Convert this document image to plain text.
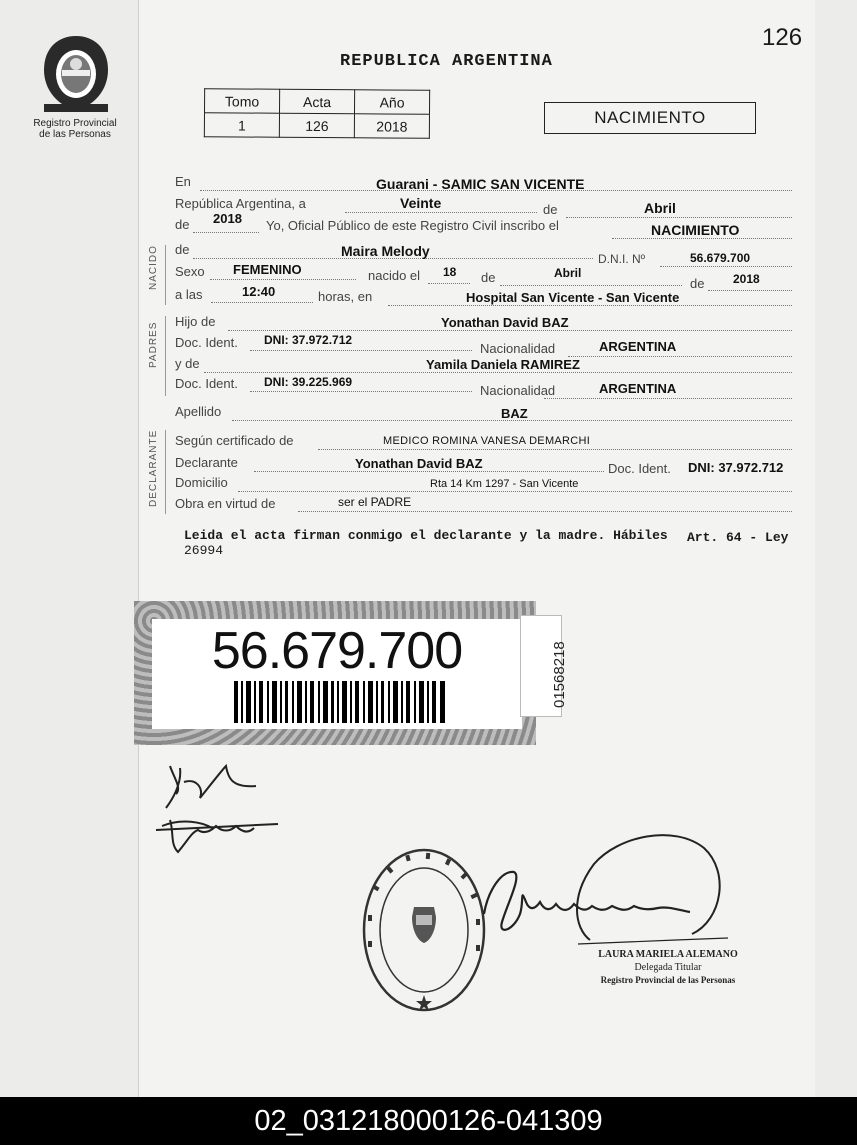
Registro Provincial
de las Personas
126
REPUBLICA ARGENTINA
Tomo	Acta	Año
1	126	2018	NACIMIENTO
En	Guarani - SAMIC SAN VICENTE
República Argentina, a	Veinte	de	Abril
de 2018 Yo, Oficial Público de este Registro Civil inscribo el	NACIMIENTO
NACIDO de	Maira Melody	D.N.I. Nº	56.679.700
Sexo FEMENINO	nacido el 18 de	Abril
de 2018
a las	12:40	horas, en	Hospital San Vicente - San Vicente
PADRES
Hijo de	Yonathan David BAZ
Doc. Ident. DNI: 37.972.712
Nacionalidad	ARGENTINA
y de	Yamila Daniela RAMIREZ
Doc. Ident. DNI: 39.225.969
Nacionalidad	ARGENTINA
Apellido	BAZ
DECLARANTE Según certificado de	MEDICO ROMINA VANESA DEMARCHI
Declarante	Yonathan David BAZ	Doc. Ident. DNI: 37.972.712
Domicilio	Rta 14 Km 1297 - San Vicente
Obra en virtud de	ser el PADRE
Leida el acta firman conmigo el declarante y la madre. Hábiles Art. 64 - Ley
26994
56.679.700	01568218
LAURA MARIELA ALEMANO
Delegada Titular
Registro Provincial de las Personas
02_031218000126-041309
